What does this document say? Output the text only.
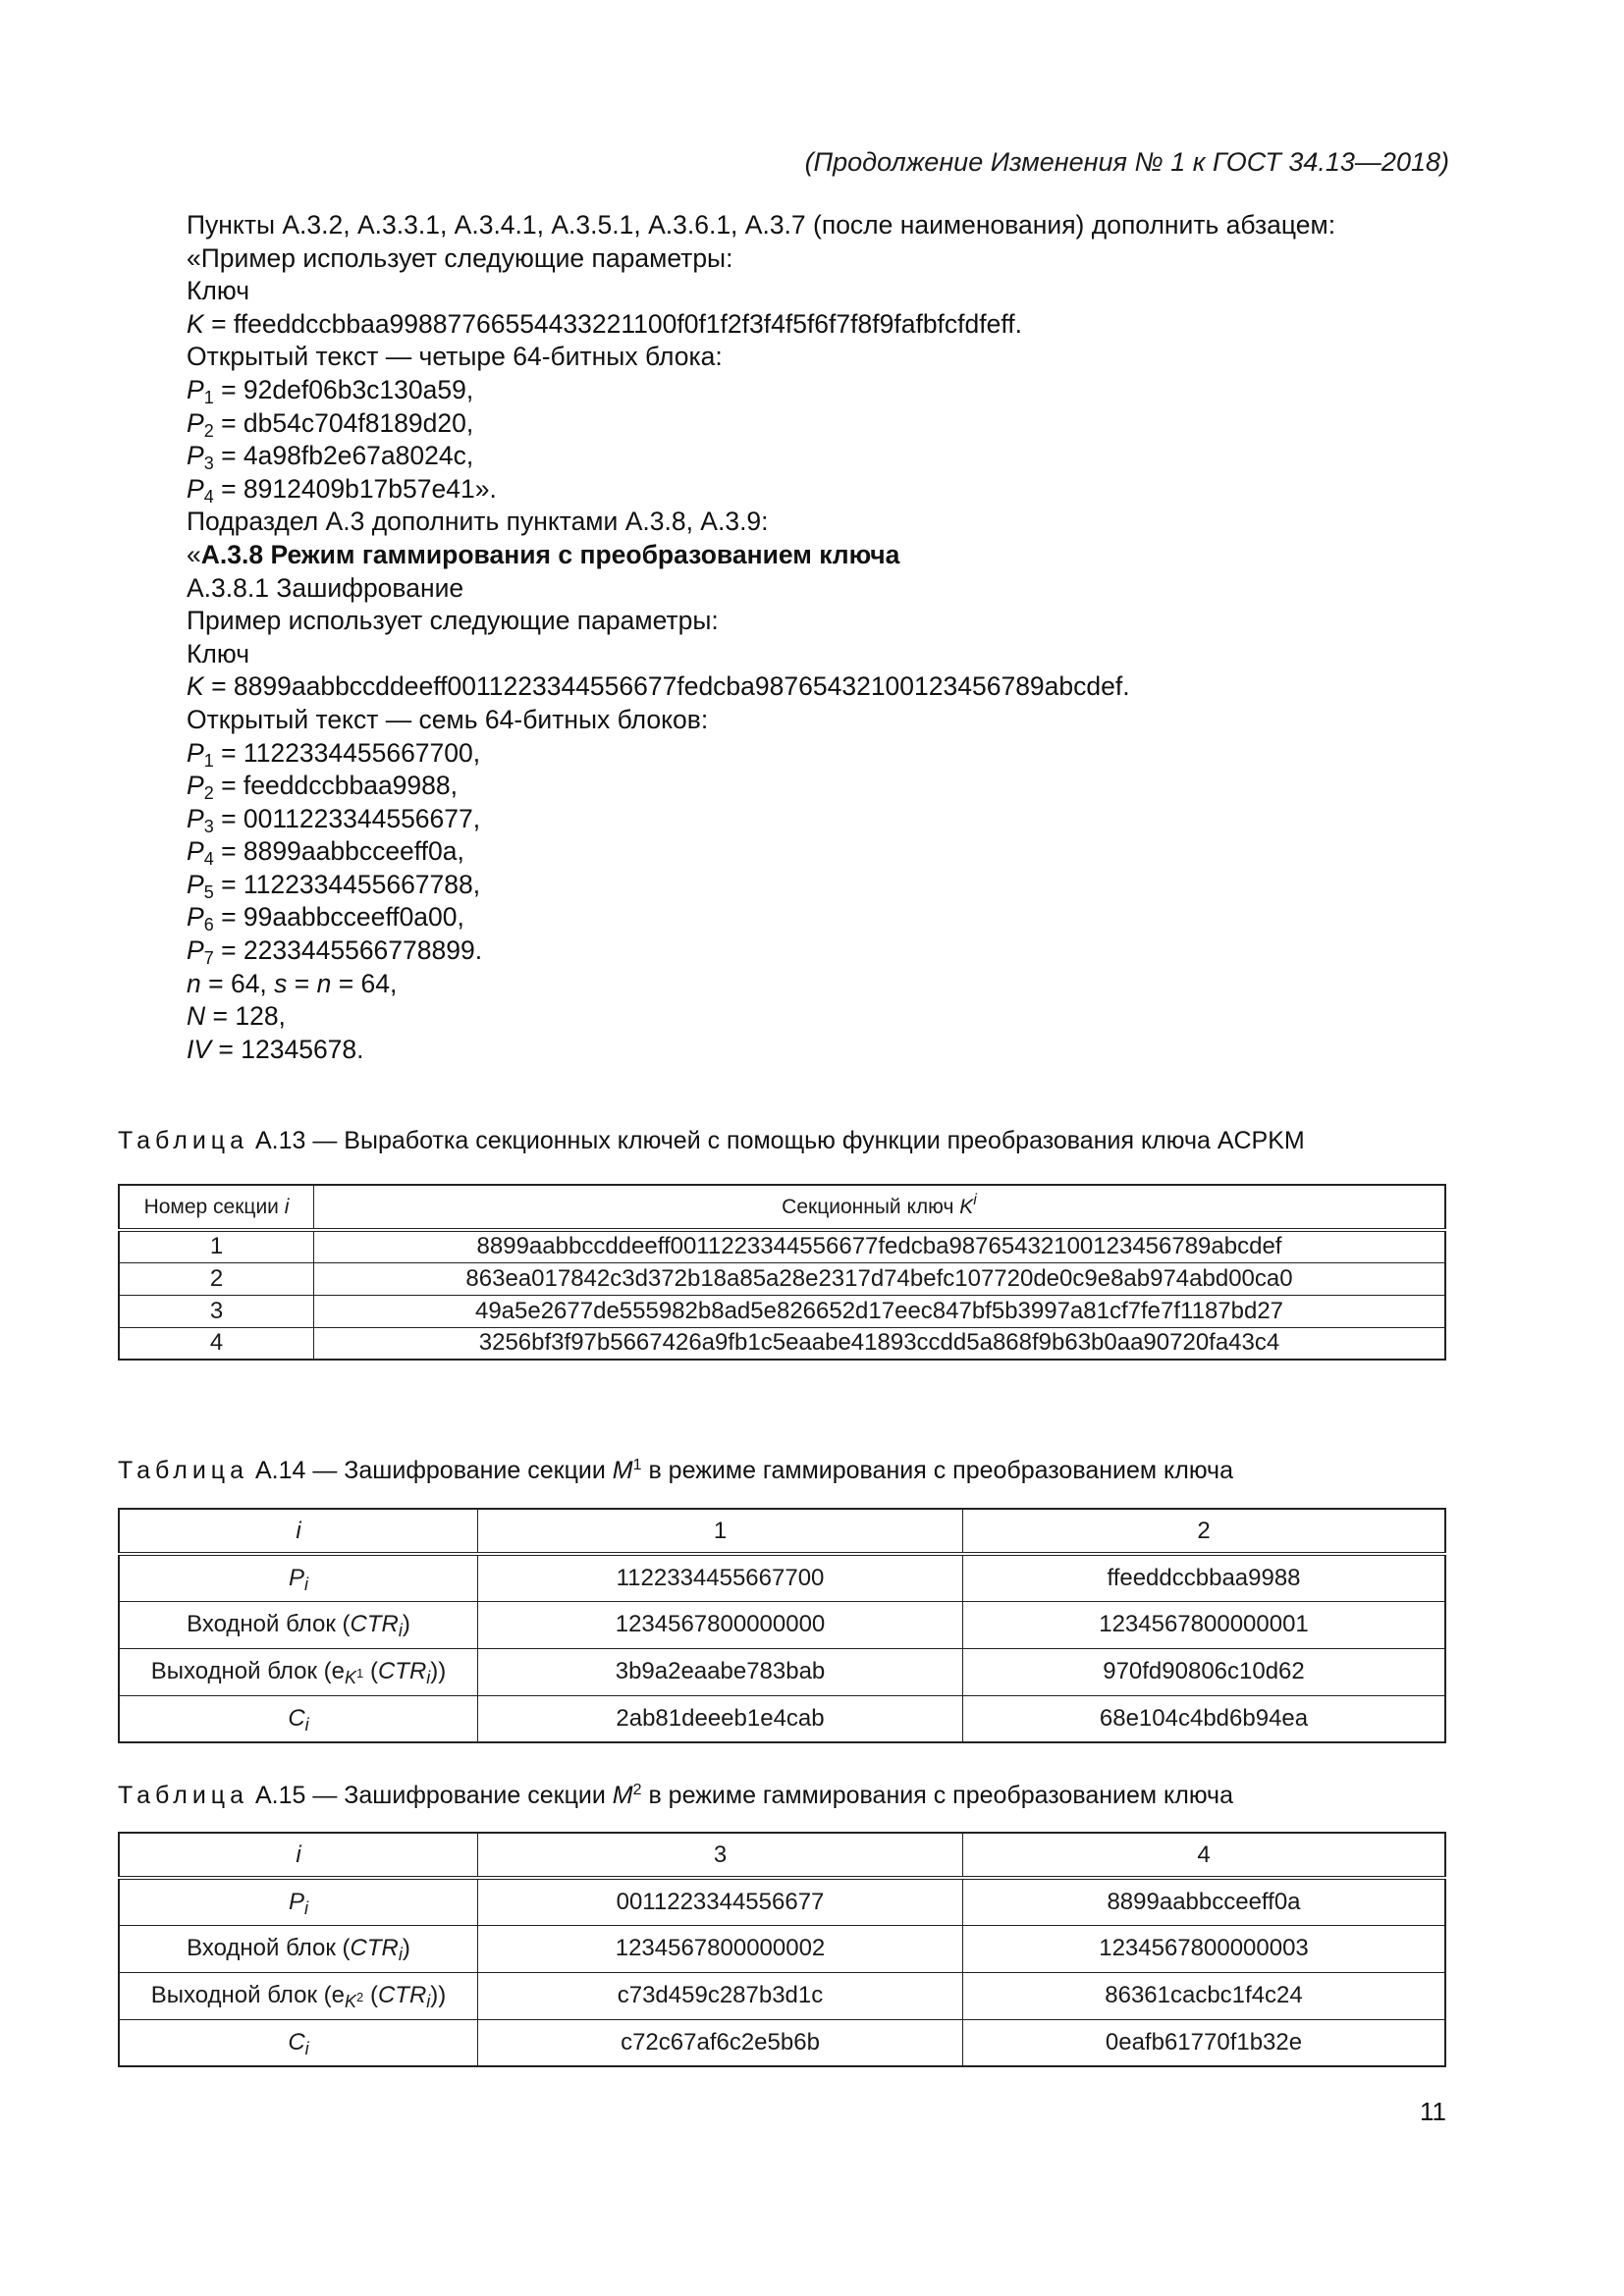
(Продолжение Изменения № 1 к ГОСТ 34.13—2018)
Пункты А.3.2, А.3.3.1, А.3.4.1, А.3.5.1, А.3.6.1, А.3.7 (после наименования) дополнить абзацем:
«Пример использует следующие параметры:
Ключ
K = ffeeddccbbaa99887766554433221100f0f1f2f3f4f5f6f7f8f9fafbfcfdfeff.
Открытый текст — четыре 64-битных блока:
$P_1 = 92def06b3c130a59$,
$P_2 = db54c704f8189d20$,
$P_3 = 4a98fb2e67a8024c$,
$P_4 = 8912409b17b57e41$».
Подраздел А.3 дополнить пунктами А.3.8, А.3.9:
«А.3.8 Режим гаммирования с преобразованием ключа
А.3.8.1 Зашифрование
Пример использует следующие параметры:
Ключ
K = 8899aabbccddeeff0011223344556677fedcba98765432100123456789abcdef.
Открытый текст — семь 64-битных блоков:
$P_1 = 1122334455667700$,
$P_2$ = feeddccbbaa9988,
$P_3 = 0011223344556677$,
$P_4$ = 8899aabbcceeff0a,
$P_5 = 1122334455667788$,
$P_6$ = 99aabbcceeff0a00,
$P_7 = 2233445566778899$.
n = 64, s = n = 64,
N = 128,
IV = 12345678.
Таблица А.13 — Выработка секционных ключей с помощью функции преобразования ключа ACPKM
Номер секции i	Секционный ключ $K^i$
1	8899aabbccddeeff0011223344556677fedcba98765432100123456789abcdef
2	863ea017842c3d372b18a85a28e2317d74befc107720de0c9e8ab974abd00ca0
3	49a5e2677de555982b8ad5e826652d17eec847bf5b3997a81cf7fe7f1187bd27
4	3256bf3f97b5667426a9fb1c5eaabe41893ccdd5a868f9b63b0aa90720fa43c4
Таблица А.14 — Зашифрование секции $M^1$ в режиме гаммирования с преобразованием ключа
i	1	2
$P_i$	1122334455667700	ffeeddccbbaa9988
Входной блок $(CTR_i)$	1234567800000000	1234567800000001
Выходной блок ($e_{K^1}$ $(CTR_i)$)	3b9a2eaabe783bab	970fd90806c10d62
$C_i$	2ab81deeeb1e4cab	68e104c4bd6b94ea
Таблица А.15 — Зашифрование секции $M^2$ в режиме гаммирования с преобразованием ключа
i	3	4
$P_i$	0011223344556677	8899aabbcceeff0a
Входной блок $(CTR_i)$	1234567800000002	1234567800000003
Выходной блок ($e_{K^2}$ $(CTR_i)$)	c73d459c287b3d1c	86361cacbc1f4c24
$C_i$	c72c67af6c2e5b6b	0eafb61770f1b32e
11
